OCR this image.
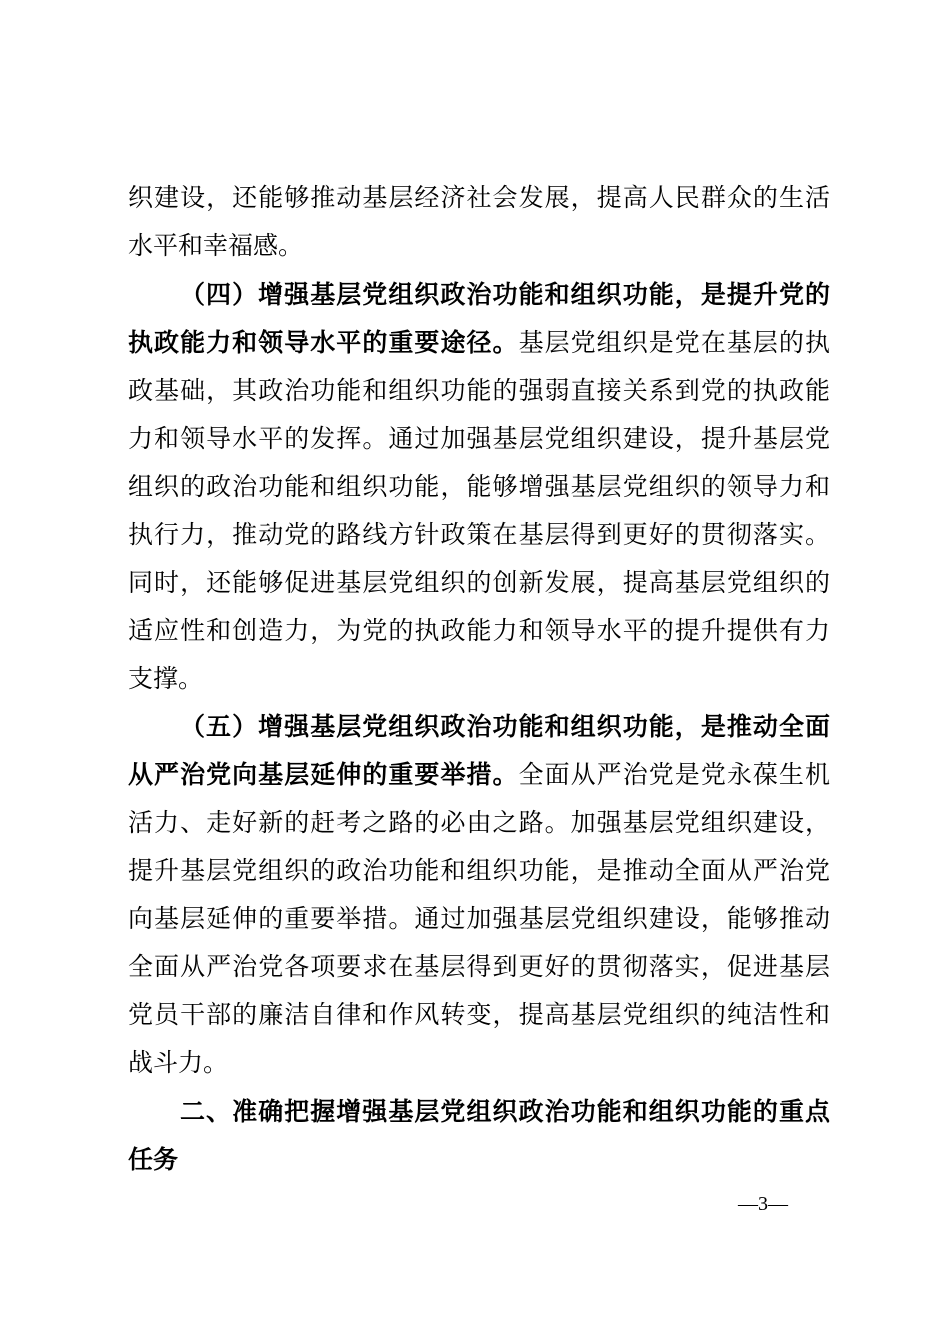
织建设，还能够推动基层经济社会发展，提高人民群众的生活
水平和幸福感。
（四）增强基层党组织政治功能和组织功能，是提升党的
执政能力和领导水平的重要途径。基层党组织是党在基层的执
政基础，其政治功能和组织功能的强弱直接关系到党的执政能
力和领导水平的发挥。通过加强基层党组织建设，提升基层党
组织的政治功能和组织功能，能够增强基层党组织的领导力和
执行力，推动党的路线方针政策在基层得到更好的贯彻落实。
同时，还能够促进基层党组织的创新发展，提高基层党组织的
适应性和创造力，为党的执政能力和领导水平的提升提供有力
支撑。
（五）增强基层党组织政治功能和组织功能，是推动全面
从严治党向基层延伸的重要举措。全面从严治党是党永葆生机
活力、走好新的赶考之路的必由之路。加强基层党组织建设，
提升基层党组织的政治功能和组织功能，是推动全面从严治党
向基层延伸的重要举措。通过加强基层党组织建设，能够推动
全面从严治党各项要求在基层得到更好的贯彻落实，促进基层
党员干部的廉洁自律和作风转变，提高基层党组织的纯洁性和
战斗力。
二、准确把握增强基层党组织政治功能和组织功能的重点
任务
—3—
